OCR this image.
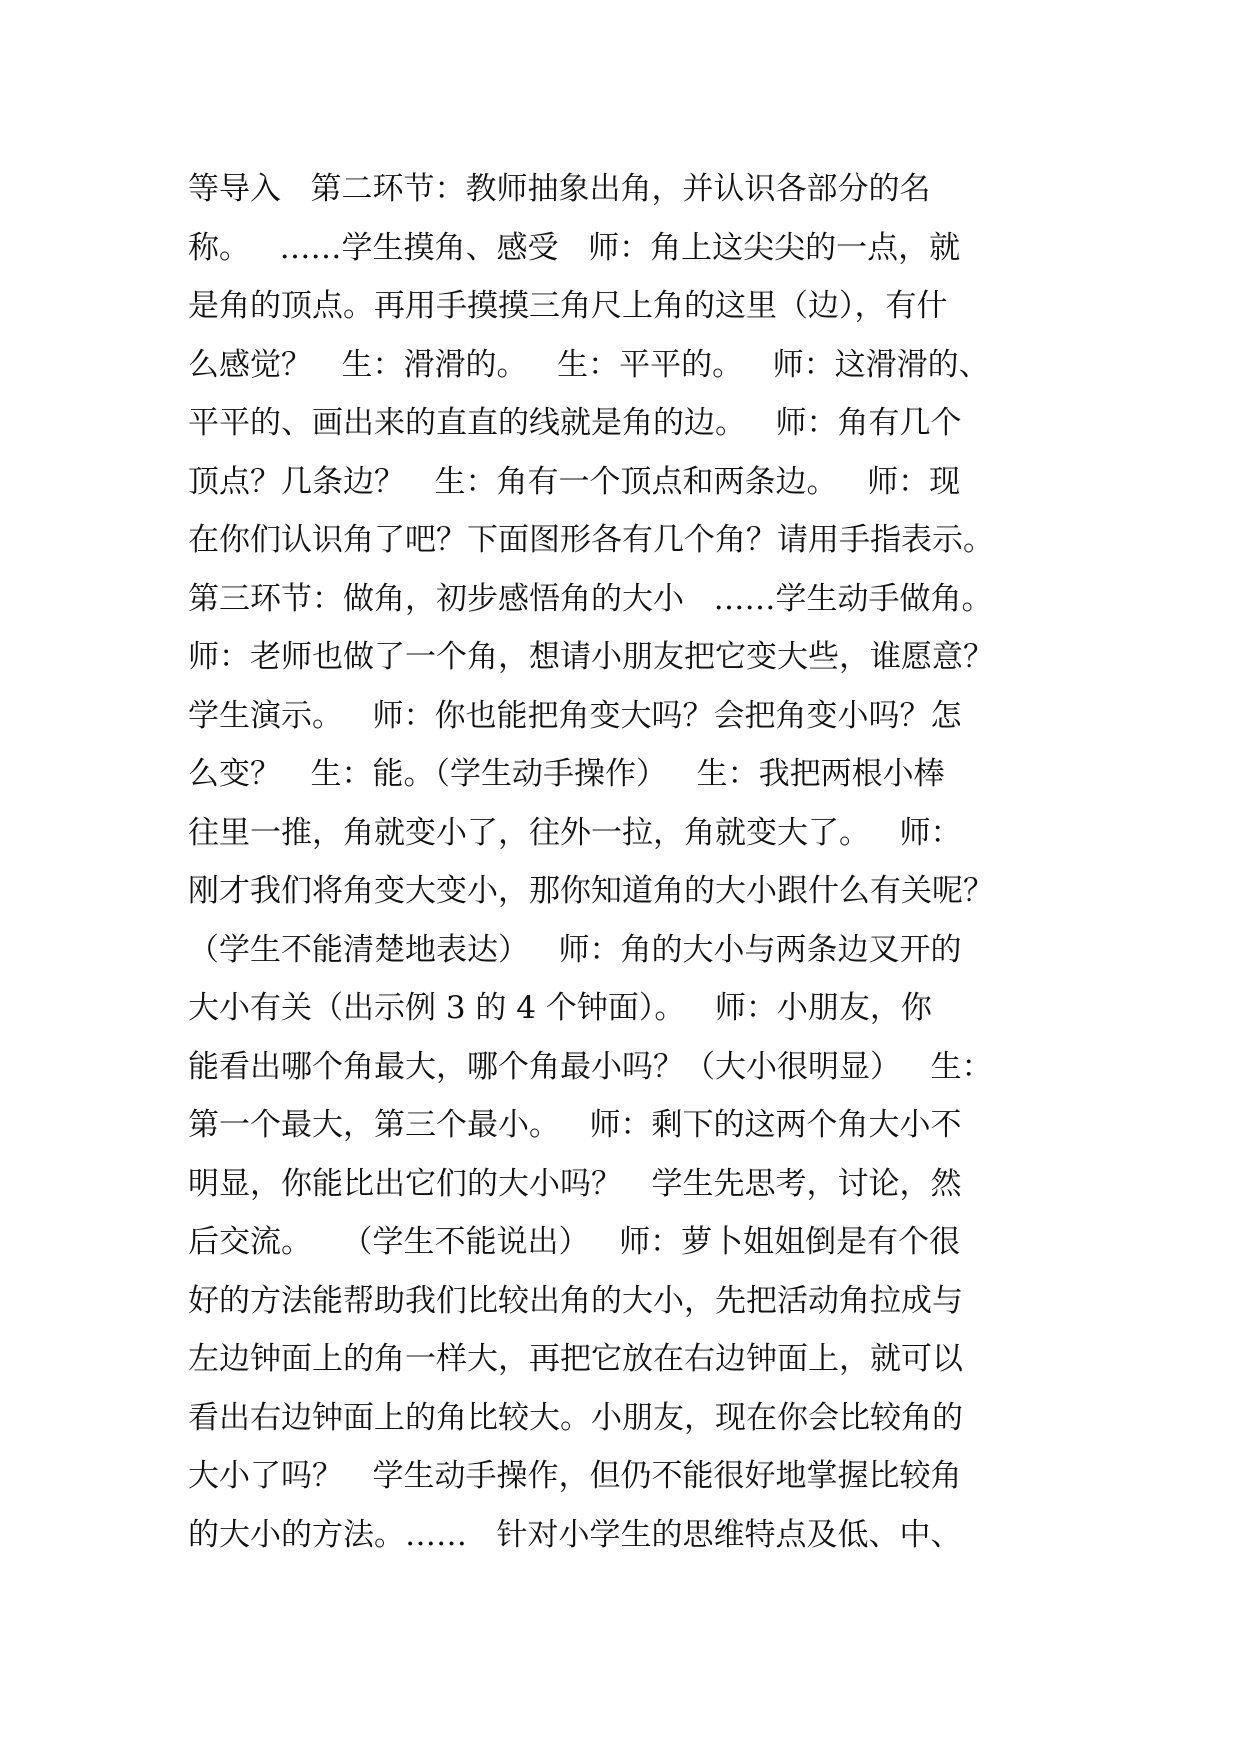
等导入   第二环节：教师抽象出角，并认识各部分的名
称。   ……学生摸角、感受   师：角上这尖尖的一点，就
是角的顶点。再用手摸摸三角尺上角的这里（边），有什
么感觉？   生：滑滑的。   生：平平的。   师：这滑滑的、
平平的、画出来的直直的线就是角的边。   师：角有几个
顶点？几条边？   生：角有一个顶点和两条边。   师：现
在你们认识角了吧？下面图形各有几个角？请用手指表示。
第三环节：做角，初步感悟角的大小   ……学生动手做角。
师：老师也做了一个角，想请小朋友把它变大些，谁愿意？
学生演示。   师：你也能把角变大吗？会把角变小吗？怎
么变？   生：能。（学生动手操作）   生：我把两根小棒
往里一推，角就变小了，往外一拉，角就变大了。   师：
刚才我们将角变大变小，那你知道角的大小跟什么有关呢？
（学生不能清楚地表达）   师：角的大小与两条边叉开的
大小有关（出示例 3 的 4 个钟面）。   师：小朋友，你
能看出哪个角最大，哪个角最小吗？（大小很明显）   生：
第一个最大，第三个最小。   师：剩下的这两个角大小不
明显，你能比出它们的大小吗？   学生先思考，讨论，然
后交流。   （学生不能说出）   师：萝卜姐姐倒是有个很
好的方法能帮助我们比较出角的大小，先把活动角拉成与
左边钟面上的角一样大，再把它放在右边钟面上，就可以
看出右边钟面上的角比较大。小朋友，现在你会比较角的
大小了吗？   学生动手操作，但仍不能很好地掌握比较角
的大小的方法。……   针对小学生的思维特点及低、中、
